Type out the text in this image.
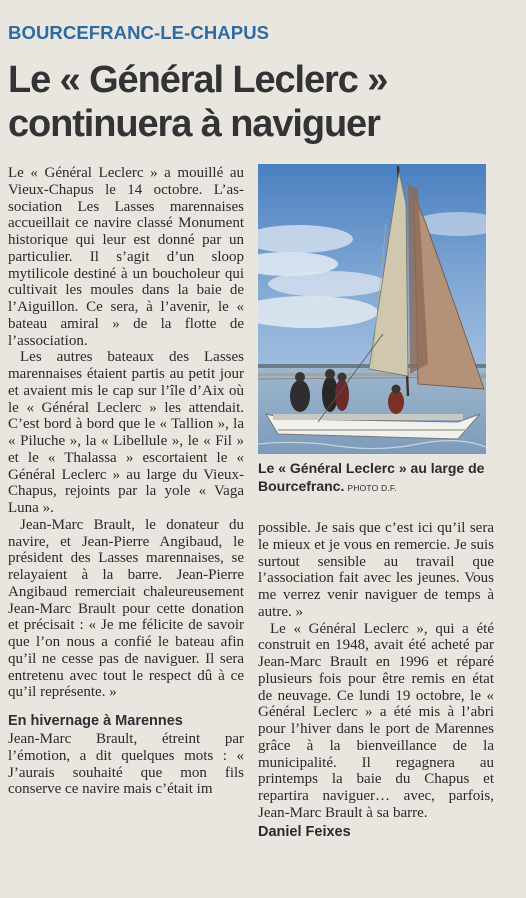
BOURCEFRANC-LE-CHAPUS
Le « Général Leclerc » continuera à naviguer

Le « Général Leclerc » a mouillé au Vieux-Chapus le 14 octobre. L’association Les Lasses marennaises accueillait ce navire classé Monument historique qui leur est donné par un particulier. Il s’agit d’un sloop mytilicole destiné à un boucholeur qui cultivait les moules dans la baie de l’Aiguillon. Ce sera, à l’avenir, le « bateau amiral » de la flotte de l’association.

Les autres bateaux des Lasses marennaises étaient partis au petit jour et avaient mis le cap sur l’île d’Aix où le « Général Leclerc » les attendait. C’est bord à bord que le « Tallion », la « Piluche », la « Libellule », le « Fil » et le « Thalassa » escortaient le « Général Leclerc » au large du Vieux-Chapus, rejoints par la yole « Vaga Luna ».

Jean-Marc Brault, le donateur du navire, et Jean-Pierre Angibaud, le président des Lasses marennaises, se relayaient à la barre. Jean-Pierre Angibaud remerciait chaleureusement Jean-Marc Brault pour cette donation et précisait : « Je me félicite de savoir que l’on nous a confié le bateau afin qu’il ne cesse pas de naviguer. Il sera entretenu avec tout le respect dû à ce qu’il représente. »

En hivernage à Marennes

Jean-Marc Brault, étreint par l’émotion, a dit quelques mots : « J’aurais souhaité que mon fils conserve ce navire mais c’était im

Le « Général Leclerc » au large de Bourcefranc. PHOTO D.F.

possible. Je sais que c’est ici qu’il sera le mieux et je vous en remercie. Je suis surtout sensible au travail que l’association fait avec les jeunes. Vous me verrez venir naviguer de temps à autre. »

Le « Général Leclerc », qui a été construit en 1948, avait été acheté par Jean-Marc Brault en 1996 et réparé plusieurs fois pour être remis en état de neuvage. Ce lundi 19 octobre, le « Général Leclerc » a été mis à l’abri pour l’hiver dans le port de Marennes grâce à la bienveillance de la municipalité. Il regagnera au printemps la baie du Chapus et repartira naviguer… avec, parfois, Jean-Marc Brault à sa barre.

Daniel Feixes
